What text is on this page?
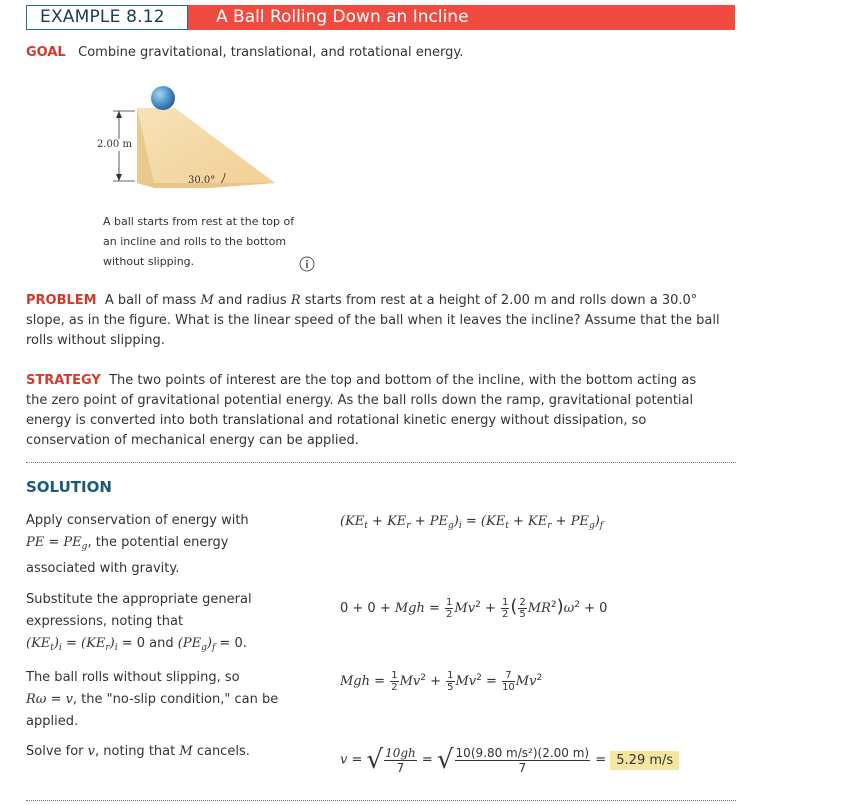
EXAMPLE 8.12	A Ball Rolling Down an Incline
GOAL Combine gravitational, translational, and rotational energy.
2.00 m
30.0°
A ball starts from rest at the top of
an incline and rolls to the bottom
without slipping.
PROBLEM A ball of mass M and radius R starts from rest at a height of 2.00 m and rolls down a 30.0°
slope, as in the figure. What is the linear speed of the ball when it leaves the incline? Assume that the ball
rolls without slipping.
STRATEGY The two points of interest are the top and bottom of the incline, with the bottom acting as
the zero point of gravitational potential energy. As the ball rolls down the ramp, gravitational potential
energy is converted into both translational and rotational kinetic energy without dissipation, so
conservation of mechanical energy can be applied.
SOLUTION
Apply conservation of energy with
PE = $PE_g$, the potential energy
associated with gravity.
$(KE_t + KE_r + PE_g)_i = (KE_t + KE_r + PE_g)_f$
Substitute the appropriate general
expressions, noting that
$(KE_t)_i = (KE_r)_i = 0$ and $(PE_g)_f = 0$.
0 + 0 + Mgh = $\frac{1}{2} Mv^2 + \frac{1}{2}$ ( $\frac{2}{5} MR^2)\omega^2 + 0$
The ball rolls without slipping, so
Rω = v, the "no-slip condition," can be
applied.
Mgh = $\frac{1}{2} Mv^2 + \frac{1}{5} Mv^2 = \frac{7}{10} Mv^2$
Solve for v, noting that M cancels.
v = √ $\frac{10gh}{7}$ = √ $\frac{\text{10(9.80 m/s²)(2.00 m)}}{7} = 5.29$ m/s
